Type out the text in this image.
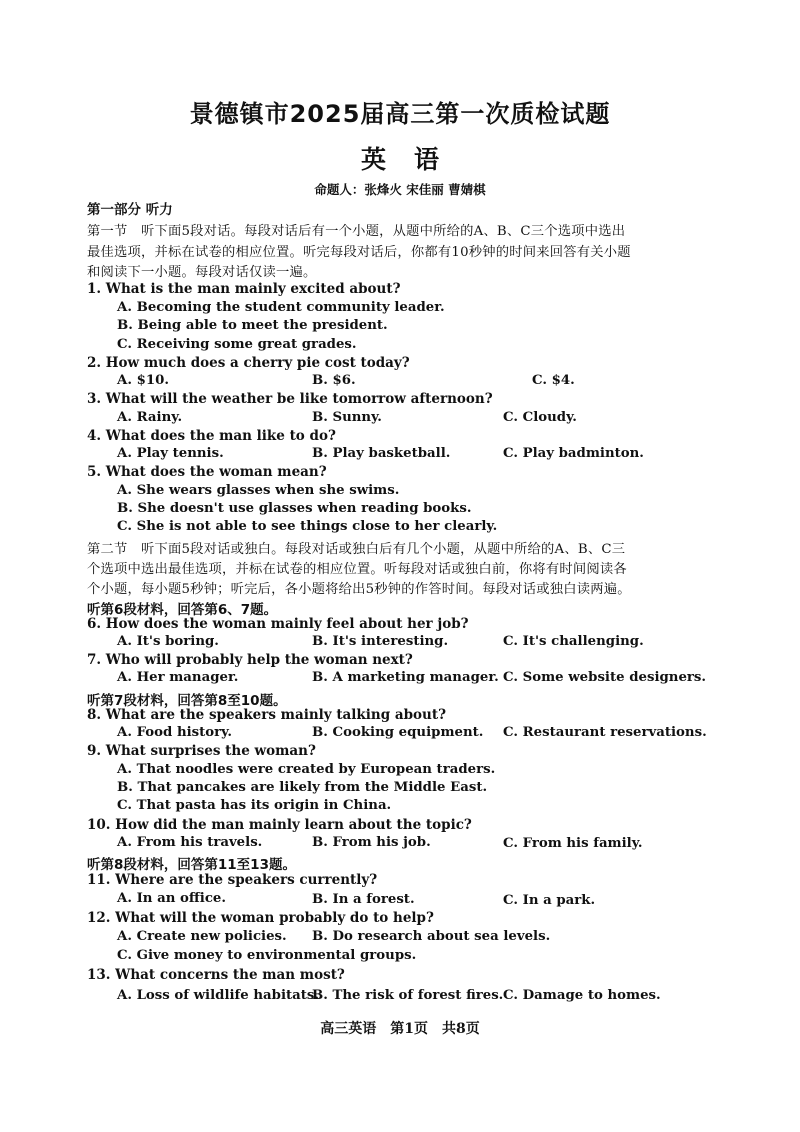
景德镇市2025届高三第一次质检试题
英语
命题人：张烽火 宋佳丽 曹婧棋
第一部分 听力
第一节　听下面5段对话。每段对话后有一个小题，从题中所给的A、B、C三个选项中选出
最佳选项，并标在试卷的相应位置。听完每段对话后，你都有10秒钟的时间来回答有关小题
和阅读下一小题。每段对话仅读一遍。
1. What is the man mainly excited about?
A. Becoming the student community leader.
B. Being able to meet the president.
C. Receiving some great grades.
2. How much does a cherry pie cost today?
A. $10.	B. $6.	C. $4.
3. What will the weather be like tomorrow afternoon?
A. Rainy.	B. Sunny.	C. Cloudy.
4. What does the man like to do?
A. Play tennis.	B. Play basketball.	C. Play badminton.
5. What does the woman mean?
A. She wears glasses when she swims.
B. She doesn't use glasses when reading books.
C. She is not able to see things close to her clearly.
第二节　听下面5段对话或独白。每段对话或独白后有几个小题，从题中所给的A、B、C三
个选项中选出最佳选项，并标在试卷的相应位置。听每段对话或独白前，你将有时间阅读各
个小题，每小题5秒钟；听完后，各小题将给出5秒钟的作答时间。每段对话或独白读两遍。
听第6段材料，回答第6、7题。
6. How does the woman mainly feel about her job?
A. It's boring.	B. It's interesting.	C. It's challenging.
7. Who will probably help the woman next?
A. Her manager.	B. A marketing manager. C. Some website designers.
听第7段材料，回答第8至10题。
8. What are the speakers mainly talking about?
A. Food history.	B. Cooking equipment. C. Restaurant reservations.
9. What surprises the woman?
A. That noodles were created by European traders.
B. That pancakes are likely from the Middle East.
C. That pasta has its origin in China.
10. How did the man mainly learn about the topic?
A. From his travels.	B. From his job.	C. From his family.
听第8段材料，回答第11至13题。
11. Where are the speakers currently?
A. In an office.	B. In a forest.	C. In a park.
12. What will the woman probably do to help?
A. Create new policies. B. Do research about sea levels.
C. Give money to environmental groups.
13. What concerns the man most?
A. Loss of wildlife habitats.
B. The risk of forest fires. C. Damage to homes.
高三英语　第1页　共8页
